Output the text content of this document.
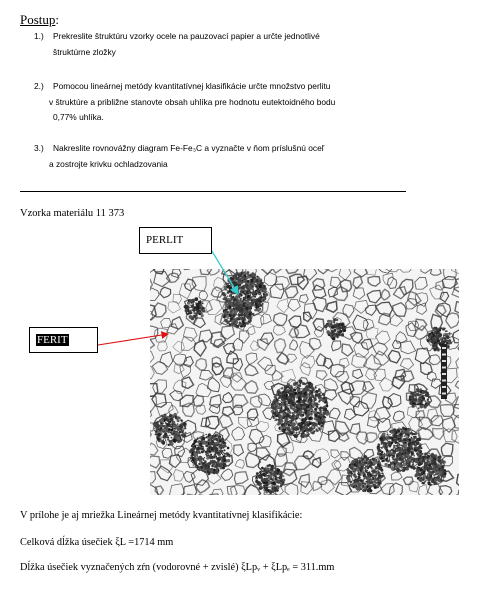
Postup:
1.) Prekreslite štruktúru vzorky ocele na pauzovací papier a určte jednotlivé
štruktúrne zložky
2.) Pomocou lineárnej metódy kvantitatívnej klasifikácie určte množstvo perlitu
v štruktúre a približne stanovte obsah uhlíka pre hodnotu eutektoidného bodu
0,77% uhlíka.
3.) Nakreslite rovnovážny diagram Fe-Fe₃C a vyznačte v ňom príslušnú oceľ
a zostrojte krivku ochladzovania
Vzorka materiálu 11 373
PERLIT
FERIT
V prílohe je aj mriežka Lineárnej metódy kvantitatívnej klasifikácie:
Celková dĺžka úsečiek ξL =1714 mm
Dĺžka úsečiek vyznačených zŕn (vodorovné + zvislé) ξLpᵥ + ξLpₑ = 311.mm
